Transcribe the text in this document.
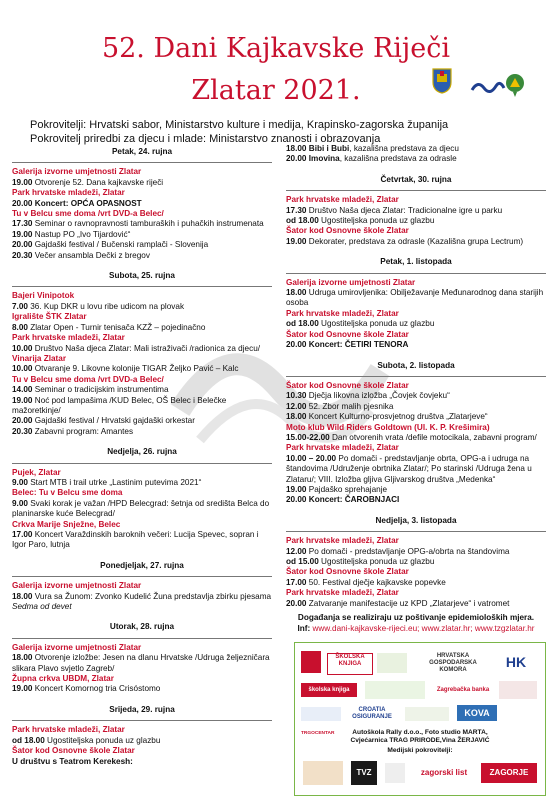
52. Dani Kajkavske Riječi
Zlatar 2021.
Pokrovitelji: Hrvatski sabor, Ministarstvo kulture i medija, Krapinsko-zagorska županija
Pokrovitelj priredbi za djecu i mlade: Ministarstvo znanosti i obrazovanja
Petak, 24. rujna
Galerija izvorne umjetnosti Zlatar
19.00 Otvorenje 52. Dana kajkavske riječi
Park hrvatske mladeži, Zlatar
20.00 Koncert: OPĆA OPASNOST
Tu v Belcu sme doma /vrt DVD-a Belec/
17.30 Seminar o ravnopravnosti tamburaških i puhačkih instrumenata
19.00 Nastup PO „Ivo Tijardović“
20.00 Gajdaški festival / Bučenski ramplači - Slovenija
20.30 Večer ansambla Dečki z bregov
Subota, 25. rujna
Bajeri Vinipotok
7.00 36. Kup DKR u lovu ribe udicom na plovak
Igralište ŠTK Zlatar
8.00 Zlatar Open - Turnir tenisača KZŽ – pojedinačno
Park hrvatske mladeži, Zlatar
10.00 Društvo Naša djeca Zlatar: Mali istraživači /radionica za djecu/
Vinarija Zlatar
10.00 Otvaranje 9. Likovne kolonije TIGAR Željko Pavić – Kalc
Tu v Belcu sme doma /vrt DVD-a Belec/
14.00 Seminar o tradicijskim instrumentima
19.00 Noć pod lampašima /KUD Belec, OŠ Belec i Belečke mažoretkinje/
20.00 Gajdaški festival / Hrvatski gajdaški orkestar
20.30 Zabavni program: Amantes
Nedjelja, 26. rujna
Pujek, Zlatar
9.00 Start MTB i trail utrke „Lastinim putevima 2021“
Belec: Tu v Belcu sme doma
9.00 Svaki korak je važan /HPD Belecgrad: šetnja od središta Belca do planinarske kuće Belecgrad/
Crkva Marije Snježne, Belec
17.00 Koncert Varaždinskih baroknih večeri: Lucija Spevec, sopran i Igor Paro, lutnja
Ponedjeljak, 27. rujna
Galerija izvorne umjetnosti Zlatar
18.00 Vura sa Žunom: Zvonko Kudelić Žuna predstavlja zbirku pjesama Sedma od devet
Utorak, 28. rujna
Galerija izvorne umjetnosti Zlatar
18.00 Otvorenje izložbe: Jesen na dlanu Hrvatske /Udruga željezničara slikara Plavo svjetlo Zagreb/
Župna crkva UBDM, Zlatar
19.00 Koncert Komornog tria Crisóstomo
Srijeda, 29. rujna
Park hrvatske mladeži, Zlatar
od 18.00 Ugostiteljska ponuda uz glazbu
Šator kod Osnovne škole Zlatar
U društvu s Teatrom Kerekesh:
18.00 Bibi i Bubi, kazališna predstava za djecu
20.00 Imovina, kazališna predstava za odrasle
Četvrtak, 30. rujna
Park hrvatske mladeži, Zlatar
17.30 Društvo Naša djeca Zlatar: Tradicionalne igre u parku
od 18.00 Ugostiteljska ponuda uz glazbu
Šator kod Osnovne škole Zlatar
19.00 Dekorater, predstava za odrasle (Kazališna grupa Lectrum)
Petak, 1. listopada
Galerija izvorne umjetnosti Zlatar
18.00 Udruga umirovljenika: Obilježavanje Međunarodnog dana starijih osoba
Park hrvatske mladeži, Zlatar
od 18.00 Ugostiteljska ponuda uz glazbu
Šator kod Osnovne škole Zlatar
20.00 Koncert: ČETIRI TENORA
Subota, 2. listopada
Šator kod Osnovne škole Zlatar
10.30 Dječja likovna izložba „Čovjek čovjeku“
12.00 52. Zbor malih pjesnika
18.00 Koncert Kulturno-prosvjetnog društva „Zlatarjeve“
Moto klub Wild Riders Goldtown (Ul. K. P. Krešimira)
15.00-22.00 Dan otvorenih vrata /defile motocikala, zabavni program/
Park hrvatske mladeži, Zlatar
10.00 – 20.00 Po domači - predstavljanje obrta, OPG-a i udruga na štandovima /Udruženje obrtnika Zlatar/; Po starinski /Udruga žena u Zlataru/; VIII. Izložba gljiva Gljivarskog društva „Medenka“
19.00 Pajdaško sprehajanje
20.00 Koncert: ČAROBNJACI
Nedjelja, 3. listopada
Park hrvatske mladeži, Zlatar
12.00 Po domači - predstavljanje OPG-a/obrta na štandovima
od 15.00 Ugostiteljska ponuda uz glazbu
Šator kod Osnovne škole Zlatar
17.00 50. Festival dječje kajkavske popevke
Park hrvatske mladeži, Zlatar
20.00 Zatvaranje manifestacije uz KPD „Zlatarjeve“ i vatromet
Događanja se realiziraju uz poštivanje epidemioloških mjera.
Inf: www.dani-kajkavske-rijeci.eu; www.zlatar.hr; www.tzgzlatar.hr
ŠKOLSKA KNJIGA
HRVATSKA GOSPODARSKA KOMORA	HK
školska knjiga	Zagrebačka banka
CROATIA OSIGURANJE	KOVA
TRGOCENTAR	Autoškola Rally d.o.o., Foto studio MARTA,
Cvjećarnica TRAG PRIRODE,Vina ŽERJAVIĆ
Medijski pokrovitelji:
TVZ	zagorski list	ZAGORJE
